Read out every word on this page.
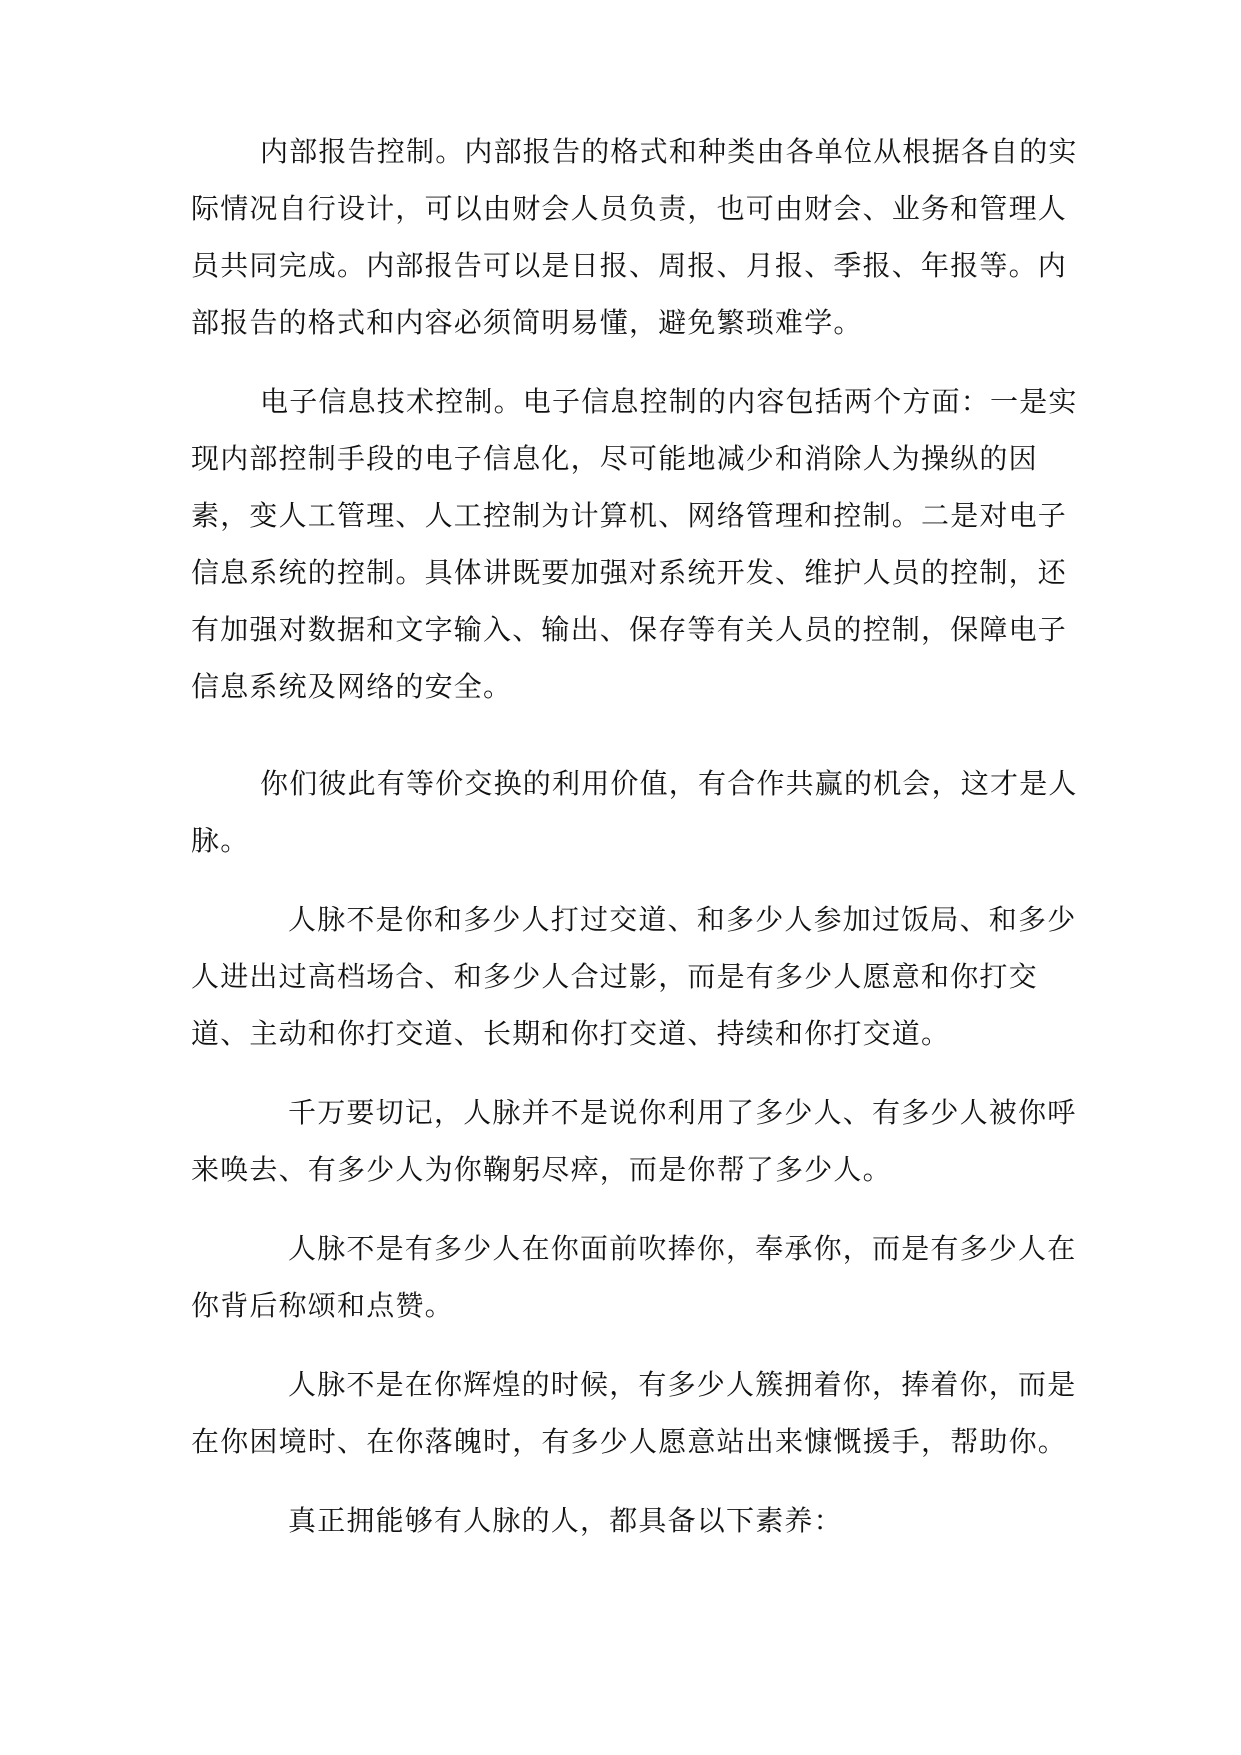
内部报告控制。内部报告的格式和种类由各单位从根据各自的实

际情况自行设计，可以由财会人员负责，也可由财会、业务和管理人

员共同完成。内部报告可以是日报、周报、月报、季报、年报等。内

部报告的格式和内容必须简明易懂，避免繁琐难学。

电子信息技术控制。电子信息控制的内容包括两个方面：一是实

现内部控制手段的电子信息化，尽可能地减少和消除人为操纵的因

素，变人工管理、人工控制为计算机、网络管理和控制。二是对电子

信息系统的控制。具体讲既要加强对系统开发、维护人员的控制，还

有加强对数据和文字输入、输出、保存等有关人员的控制，保障电子

信息系统及网络的安全。

你们彼此有等价交换的利用价值，有合作共赢的机会，这才是人

脉。

人脉不是你和多少人打过交道、和多少人参加过饭局、和多少

人进出过高档场合、和多少人合过影，而是有多少人愿意和你打交

道、主动和你打交道、长期和你打交道、持续和你打交道。

千万要切记，人脉并不是说你利用了多少人、有多少人被你呼

来唤去、有多少人为你鞠躬尽瘁，而是你帮了多少人。

人脉不是有多少人在你面前吹捧你，奉承你，而是有多少人在

你背后称颂和点赞。

人脉不是在你辉煌的时候，有多少人簇拥着你，捧着你，而是

在你困境时、在你落魄时，有多少人愿意站出来慷慨援手，帮助你。

真正拥能够有人脉的人，都具备以下素养：
